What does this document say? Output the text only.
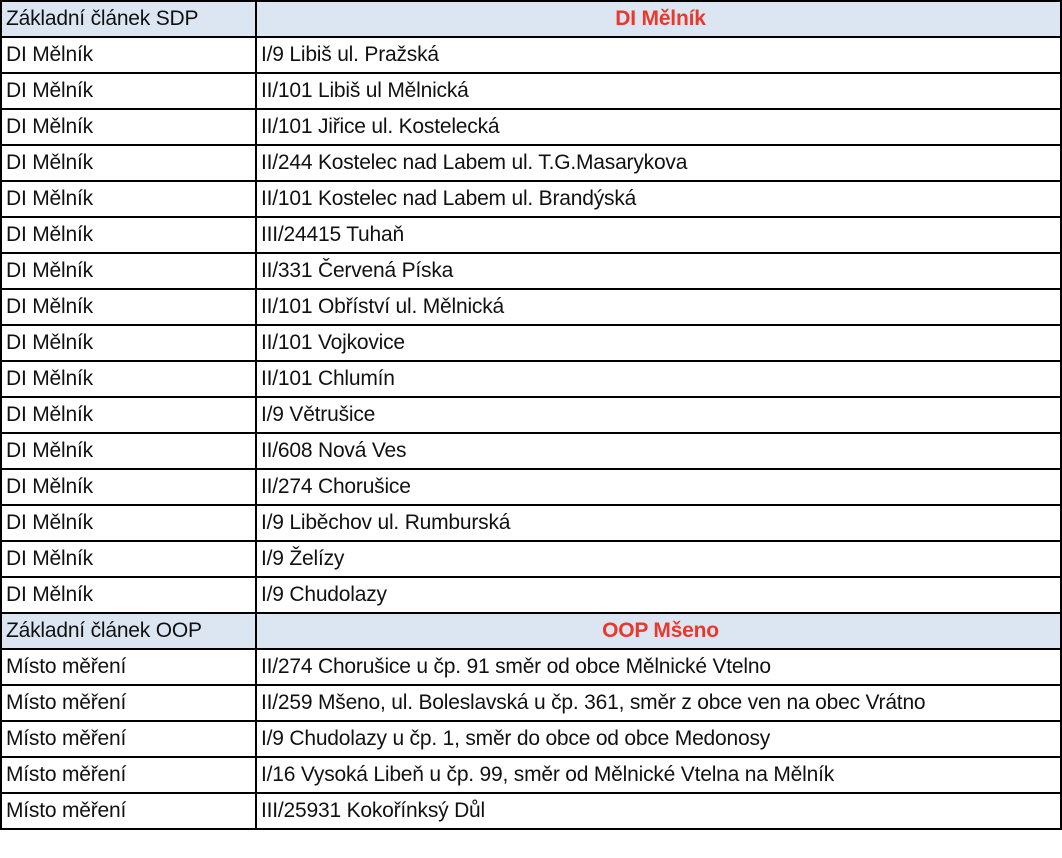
Základní článek SDP	DI Mělník
DI Mělník	I/9 Libiš ul. Pražská
DI Mělník	II/101 Libiš ul Mělnická
DI Mělník	II/101 Jiřice ul. Kostelecká
DI Mělník	II/244 Kostelec nad Labem ul. T.G.Masarykova
DI Mělník	II/101 Kostelec nad Labem ul. Brandýská
DI Mělník	III/24415 Tuhaň
DI Mělník	II/331 Červená Píska
DI Mělník	II/101 Obříství ul. Mělnická
DI Mělník	II/101 Vojkovice
DI Mělník	II/101 Chlumín
DI Mělník	I/9 Větrušice
DI Mělník	II/608 Nová Ves
DI Mělník	II/274 Chorušice
DI Mělník	I/9 Liběchov ul. Rumburská
DI Mělník	I/9 Želízy
DI Mělník	I/9 Chudolazy
Základní článek OOP	OOP Mšeno
Místo měření	II/274 Chorušice u čp. 91 směr od obce Mělnické Vtelno
Místo měření	II/259 Mšeno, ul. Boleslavská u čp. 361, směr z obce ven na obec Vrátno
Místo měření	I/9 Chudolazy u čp. 1, směr do obce od obce Medonosy
Místo měření	I/16 Vysoká Libeň u čp. 99, směr od Mělnické Vtelna na Mělník
Místo měření	III/25931 Kokořínksý Důl
